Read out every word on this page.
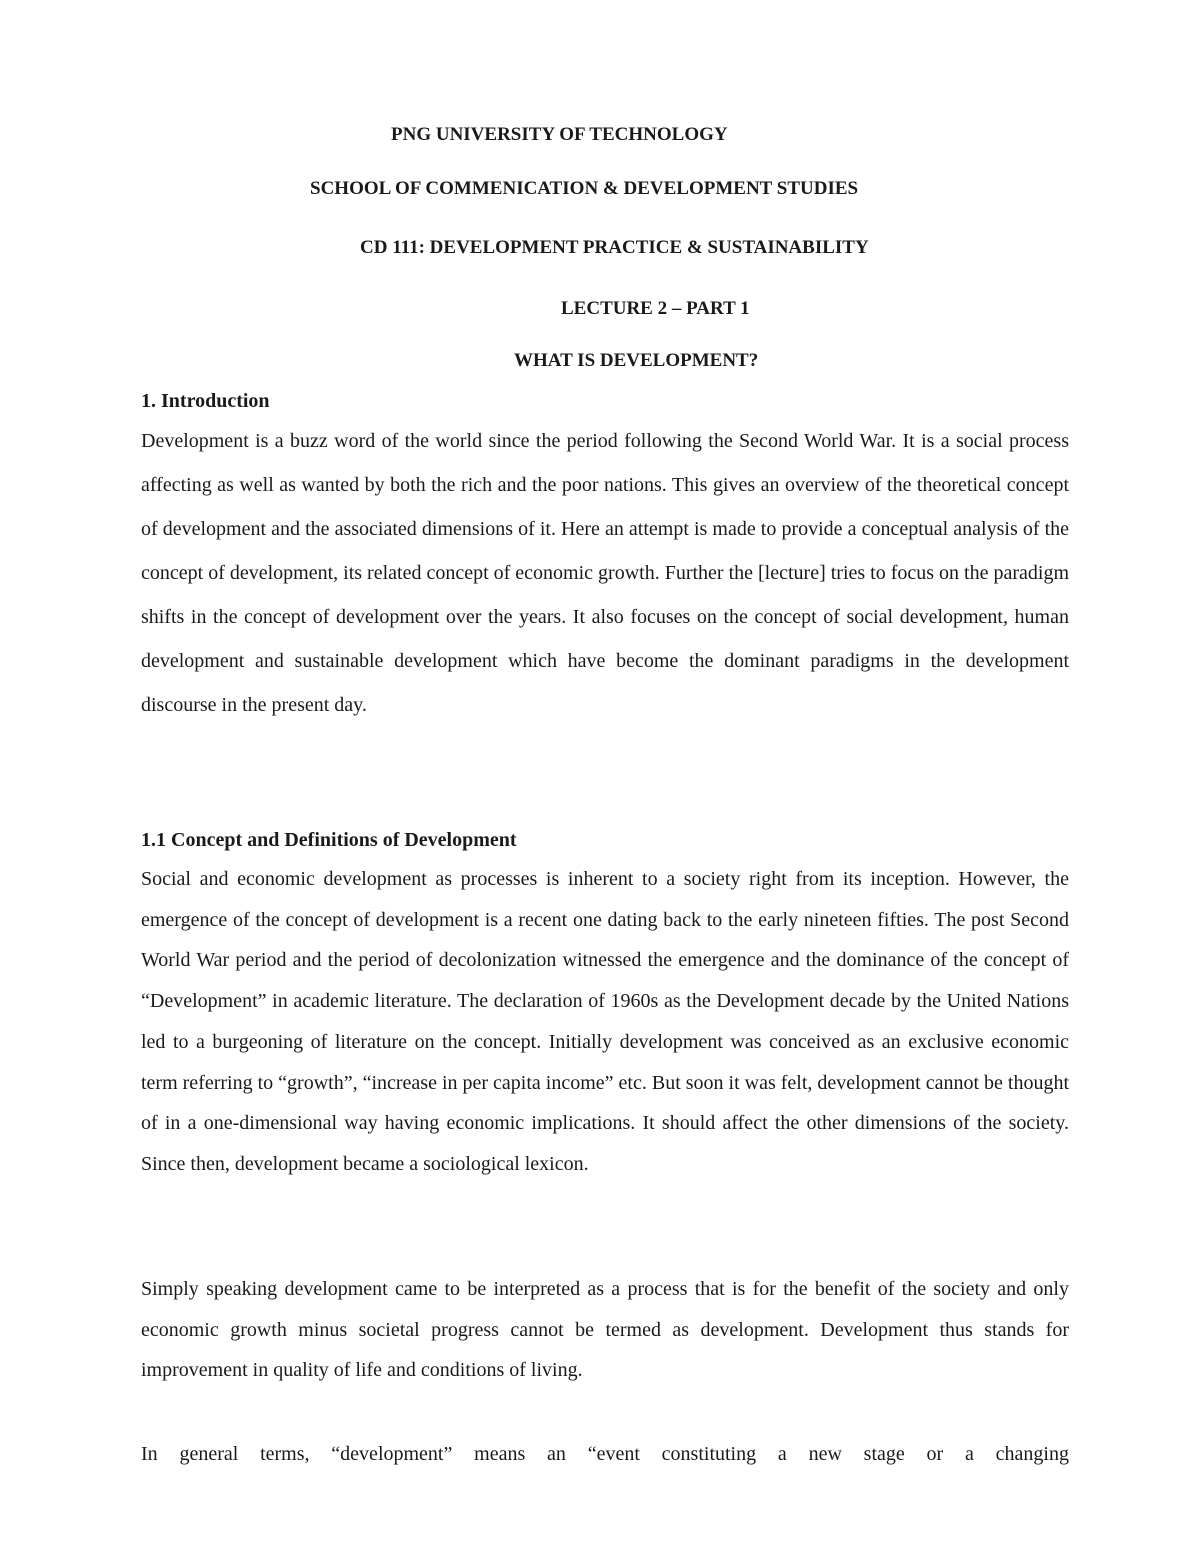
PNG UNIVERSITY OF TECHNOLOGY
SCHOOL OF COMMENICATION & DEVELOPMENT STUDIES
CD 111: DEVELOPMENT PRACTICE & SUSTAINABILITY
LECTURE 2 – PART 1
WHAT IS DEVELOPMENT?
1. Introduction

Development is a buzz word of the world since the period following the Second World War. It is a social process affecting as well as wanted by both the rich and the poor nations. This gives an overview of the theoretical concept of development and the associated dimensions of it. Here an attempt is made to provide a conceptual analysis of the concept of development, its related concept of economic growth. Further the [lecture] tries to focus on the paradigm shifts in the concept of development over the years. It also focuses on the concept of social development, human development and sustainable development which have become the dominant paradigms in the development discourse in the present day.

1.1 Concept and Definitions of Development

Social and economic development as processes is inherent to a society right from its inception. However, the emergence of the concept of development is a recent one dating back to the early nineteen fifties. The post Second World War period and the period of decolonization witnessed the emergence and the dominance of the concept of “Development” in academic literature. The declaration of 1960s as the Development decade by the United Nations led to a burgeoning of literature on the concept. Initially development was conceived as an exclusive economic term referring to “growth”, “increase in per capita income” etc. But soon it was felt, development cannot be thought of in a one-dimensional way having economic implications. It should affect the other dimensions of the society. Since then, development became a sociological lexicon.

Simply speaking development came to be interpreted as a process that is for the benefit of the society and only economic growth minus societal progress cannot be termed as development. Development thus stands for improvement in quality of life and conditions of living.

In general terms, “development” means an “event constituting a new stage or a changing
